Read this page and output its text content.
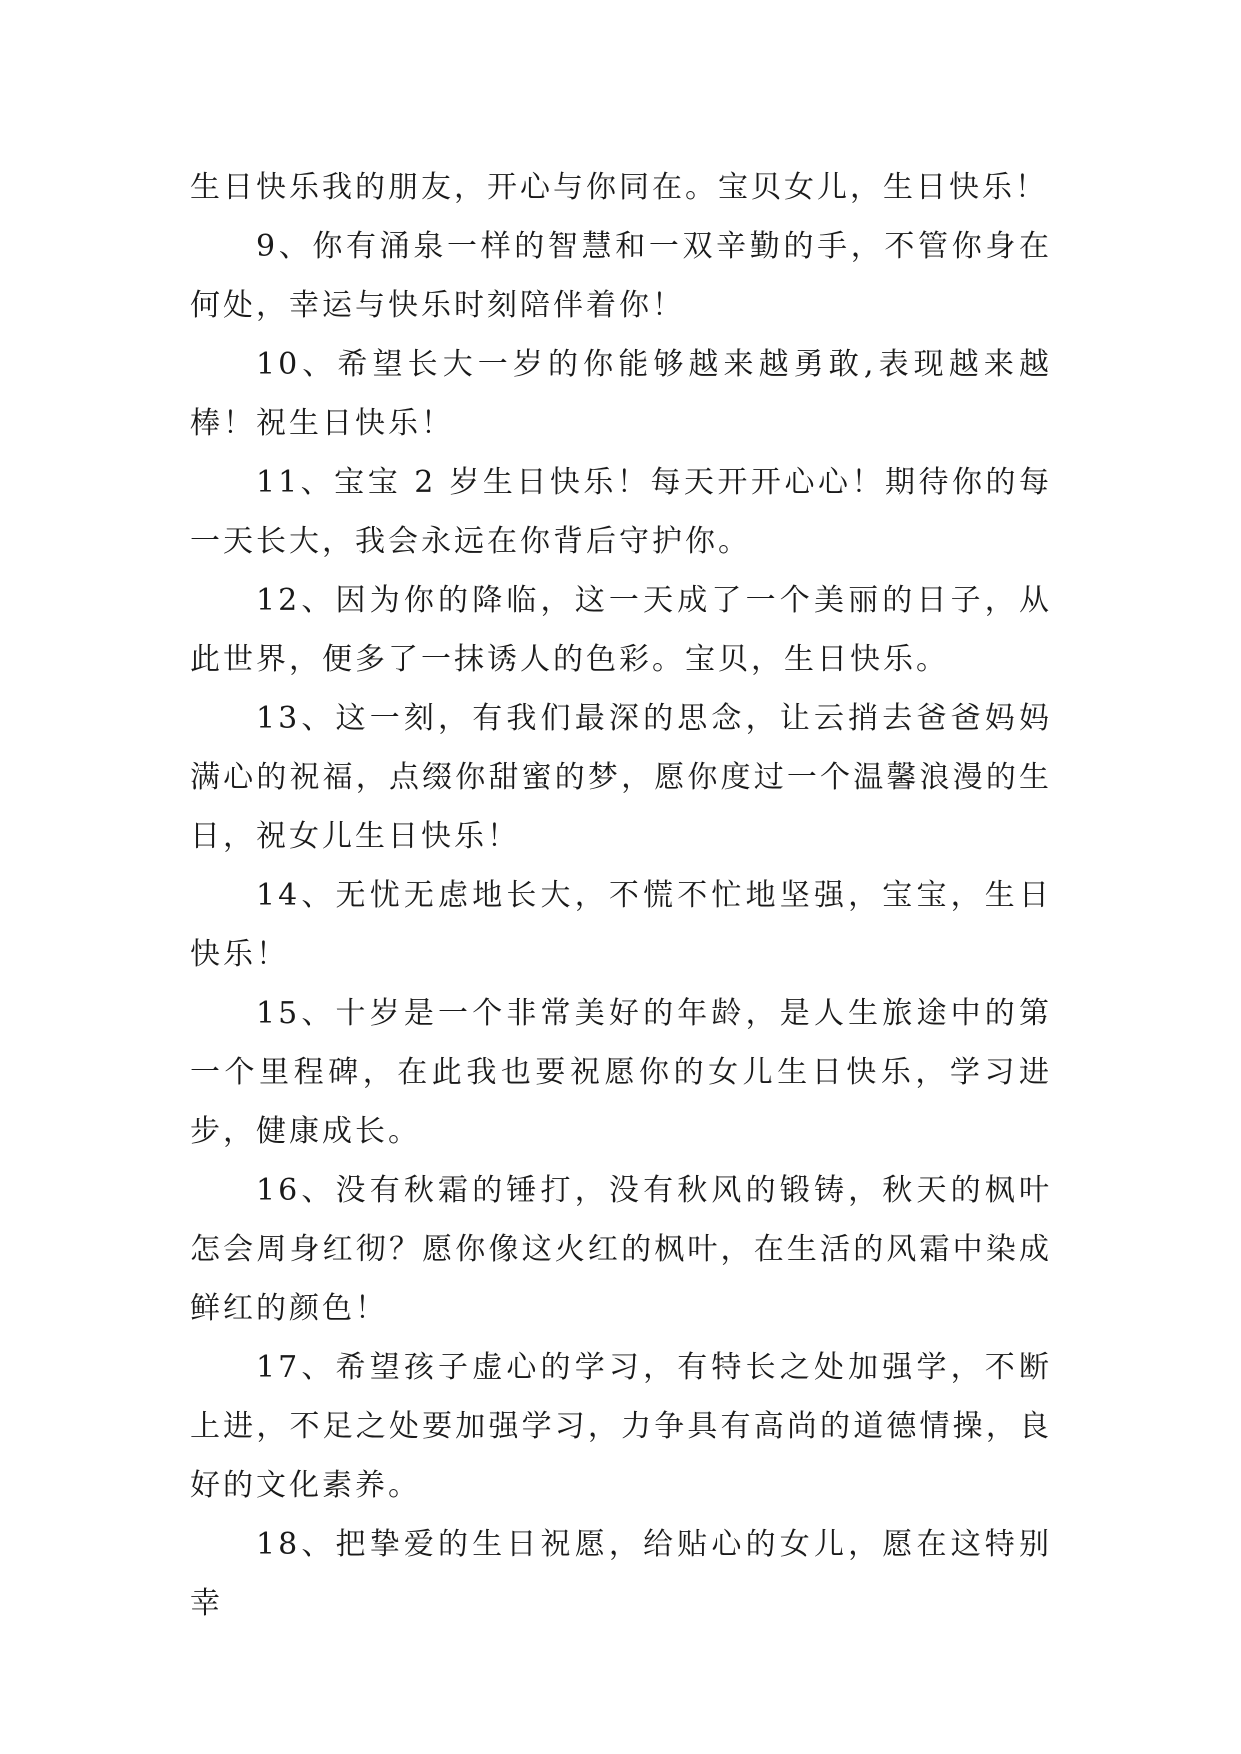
生日快乐我的朋友，开心与你同在。宝贝女儿，生日快乐！

9、你有涌泉一样的智慧和一双辛勤的手，不管你身在何处，幸运与快乐时刻陪伴着你！

10、希望长大一岁的你能够越来越勇敢,表现越来越棒！祝生日快乐！

11、宝宝 2 岁生日快乐！每天开开心心！期待你的每一天长大，我会永远在你背后守护你。

12、因为你的降临，这一天成了一个美丽的日子，从此世界，便多了一抹诱人的色彩。宝贝，生日快乐。

13、这一刻，有我们最深的思念，让云捎去爸爸妈妈满心的祝福，点缀你甜蜜的梦，愿你度过一个温馨浪漫的生日，祝女儿生日快乐！

14、无忧无虑地长大，不慌不忙地坚强，宝宝，生日快乐！

15、十岁是一个非常美好的年龄，是人生旅途中的第一个里程碑，在此我也要祝愿你的女儿生日快乐，学习进步，健康成长。

16、没有秋霜的锤打，没有秋风的锻铸，秋天的枫叶怎会周身红彻？愿你像这火红的枫叶，在生活的风霜中染成鲜红的颜色！

17、希望孩子虚心的学习，有特长之处加强学，不断上进，不足之处要加强学习，力争具有高尚的道德情操，良好的文化素养。

18、把挚爱的生日祝愿，给贴心的女儿，愿在这特别幸
